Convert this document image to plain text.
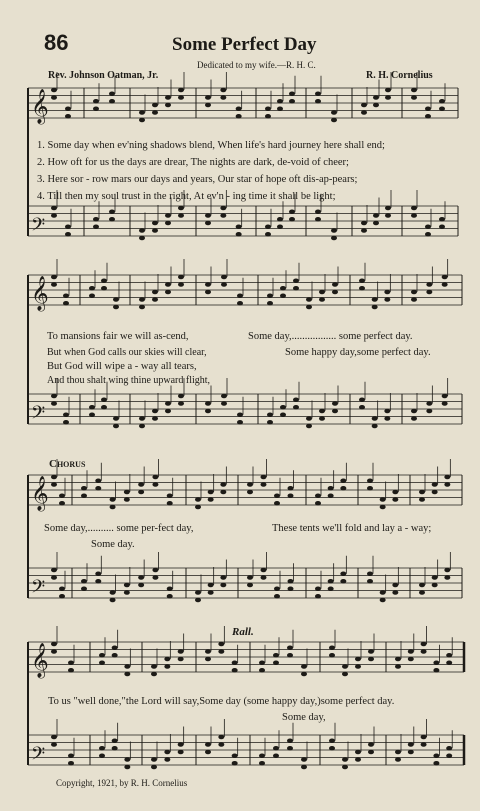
𝄞
𝄢
𝄞
𝄢
𝄞
𝄢
𝄞
𝄢
86	Some Perfect Day
Dedicated to my wife.—R. H. C.
Rev. Johnson Oatman, Jr.	R. H. Cornelius
1. Some day when ev'ning shadows blend, When life's hard journey here shall end;
2. How oft for us the days are drear, The nights are dark, de-void of cheer;
3. Here sor - row mars our days and years, Our star of hope oft dis-ap-pears;
4. Till then my soul trust in the right, At ev'n - ing time it shall be light;
To mansions fair we will as-cend,
But when God calls our skies will clear,
But God will wipe a - way all tears,
And thou shalt wing thine upward flight,
Some day,................. some perfect day.
Some happy day,some perfect day.
Chorus
Some day,.......... some per-fect day,	These tents we'll fold and lay a - way;
Some day.
Rall.
To us "well done,"the Lord will say,Some day (some happy day,)some perfect day.
Some day,
Copyright, 1921, by R. H. Cornelius
